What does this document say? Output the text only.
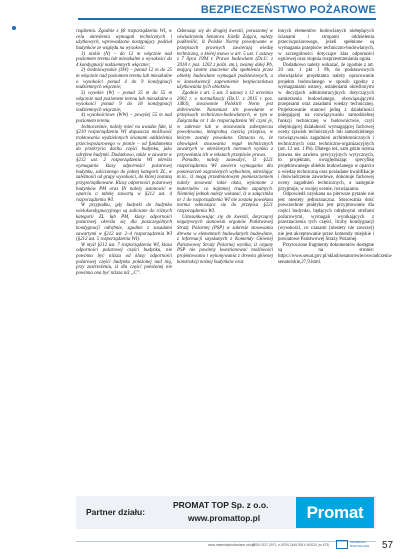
BEZPIECZEŃSTWO POŻAROWE

rządzenia. Zgodnie z §8 rozporządzenia WI, w celu określenia wymagań technicznych i użytkowych, wprowadzono następujący podział budynków ze względu na wysokość:

1) niskie (N) – do 12 m włącznie nad poziomem terenu lub mieszkalne o wysokości do 4 kondygnacji nadziemnych włącznie;

2) średniowysokie (SW) – ponad 12 m do 25 m włącznie nad poziomem terenu lub mieszkalne o wysokości ponad 4 do 9 kondygnacji nadziemnych włącznie;

3) wysokie (W) – ponad 25 m do 55 m włącznie nad poziomem terenu lub mieszkalne o wysokości ponad 9 do 18 kondygnacji nadziemnych włącznie;

4) wysokościowe (WW) – powyżej 55 m nad poziomem terenu.

Jednocześnie, należy mieć na uwadze fakt, iż §210 rozporządzenia WI dopuszcza możliwość traktowania wydzielonych ścianami oddzielenia przeciwpożarowego w pionie – od fundamentu do przekrycia dachu części budynku, jako odrębne budynki. Dodatkowo, także w zawarte w §212 ust. 2 rozporządzenia WI określa wymagania klasy odporności pożarowej budynku, zaliczonego do jednej kategorii ZL, w zależności od grupy wysokości, do której zostaną przyporządkowane. Klasy odporności pożarowej budynków PM oraz IN należy ustanowić w oparciu o tabelę zawartą w §212 ust. 4 rozporządzenia WI.

W przypadku, gdy budynki do budynku wielokondygnacyjnego są zaliczane do różnych kategorii ZL lub PM, klasy odporności pożarowej określa się dla poszczególnych kondygnacji odrębnie, zgodnie z zasadami zawartymi w §212 ust. 2–4 rozporządzenia WI (§212 ust. 5 rozporządzenia WI).

W myśl §212 ust. 7 rozporządzenia WI, klasa odporności pożarowej części budynku, nie powinna być niższa od klasy odporności pożarowej części budynku położonej nad nią, przy zastrzeżeniu, iż dla części położonej nie powinna ona być niższa niż „C”.

Odnosząc się do drugiej kwestii, poruszonej w oświadczeniu Senatora Józefa Zająca, należy podkreślić, iż Polskie Normy powoływane w przepisach prawnych zawierają wiedzę techniczną, o której mowa w art. 5 ust. 1 ustawy z 7 lipca 1994 r. Prawo budowlane (Dz.U. z 2018 r. poz. 1202 z późn. zm.), zwanej dalej Pb, mającą istotne znaczenie dla spełnienia przez obiekty budowlane wymagań podstawowych, a w konsekwencji zapewnienie bezpieczeństwa użytkowania tych obiektów.

Zgodnie z art. 5 ust. 3 ustawy z 12 września 2002 r. o normalizacji (Dz.U. z 2015 r. poz. 1483), stosowanie Polskich Norm jest dobrowolne. Natomiast ich powołanie w przepisach techniczno-budowlanych, w tym w Załączniku nr 1 do rozporządzenia WI czyni je, w zakresie lub w stosowaniu zabezpiecza powoływana, integralną częścią przepisu, w którym zostały powołane. Oznacza to, że obowiązek stosowania reguł technicznych zawartych w określonych normach wynika z przywołania ich w tekstach przepisów prawa.

Ponadto, należy zauważyć, iż §221 rozporządzenia WI zawiera wymagania dla pomieszczeń zagrożonych wybuchem, określając m.in., iż mogą przedmiotowym pomieszczeniem należy stosować takie okna, wykonane z materiałów co najmniej trudno zapalnych. Niemniej jednak należy wskazać, iż w załączniku nr 1 do rozporządzenia WI nie została powołana norma odnosząca się do przepisu §221 rozporządzenia WI.

Ustosunkowując się do kwestii, dotyczącej negatywnych stanowisk organów Państwowej Straży Pożarnej (PSP) w zakresie stosowania drewna w elementach budowlanych budowlane, z informacji uzyskanych z Komendy Głównej Państwowej Straży Pożarnej wynika, iż organy PSP nie powinny kwestionować możliwości projektowania i wykonywania z drewna głównej konstrukcji nośnej budynków oraz

innych elementów budowlanych niebędących ścianami i stropami oddzielenia przeciwpożarowego, jeżeli spełnione są wymagania przepisów techniczno-budowlanych, w szczególności dotyczące klas odporności ogniowej oraz stopnia rozprzestrzeniania ognia.

Dodatkowo należy wskazać, że zgodnie z art. 20 ust. 1 pkt 1 Pb, do podstawowych obowiązków projektanta należy opracowanie projektu budowlanego w sposób zgodny z wymaganiami ustawy, ustaleniami określonymi w decyzjach administracyjnych dotyczących zamierzenia budowlanego, obowiązującymi przepisami oraz zasadami wiedzy technicznej. Projektowanie stanowi jedną z działalności polegającej na rozwiązywaniu samodzielnej funkcji technicznej w budownictwie, czyli obejmującej działalność wymagającej fachowej oceny zjawisk technicznych lub samodzielnego rozwiązywania zagadnień architektonicznych i technicznych oraz techniczno-organizacyjnych (art. 12 ust. 1 Pb). Dlatego też, sam gdzie norma prawna nie zawiera precyzyjnych wytycznych, to projektant, uwzględniając specyfikę projektowanego obiektu budowlanego w oparciu o wiedzę techniczną oraz posiadane kwalifikacje i doświadczenie zawodowe, dokonuje fachowej oceny zagadnień technicznych, a następnie przyjmuje, w swojej ocenie, rozwiązania.

Odpowiedź uzyskana na pierwsze pytanie nie jest niestety jednoznaczna. Stosowania dość powszechnie praktyka jest przyjmowanie dla części budynku, będących odrębnymi strefami pożarowymi, wymagań wynikających z przeznaczenia tych części, liczby kondygnacji (wysokości, co czasami (niestety nie zawsze)) nie jest akceptowanie przez komendy miejskie i powiatowe Państwowej Straży Pożarnej.

Przytoczone fragmenty dokumentów dostępne są na stronie: https://www.senat.gov.pl/sklad/senatorowie/oswiadczenia-senatorskie,27,9.html.

Partner działu:
PROMAT TOP Sp. z o.o.
www.promattop.pl	Promat
www.materialybudowlane.info.pl
ISSN 0137-2971, e-ISSN 2449-951X 6/2020 (nr 573)
MATERIAŁY BUDOWLANE	57
